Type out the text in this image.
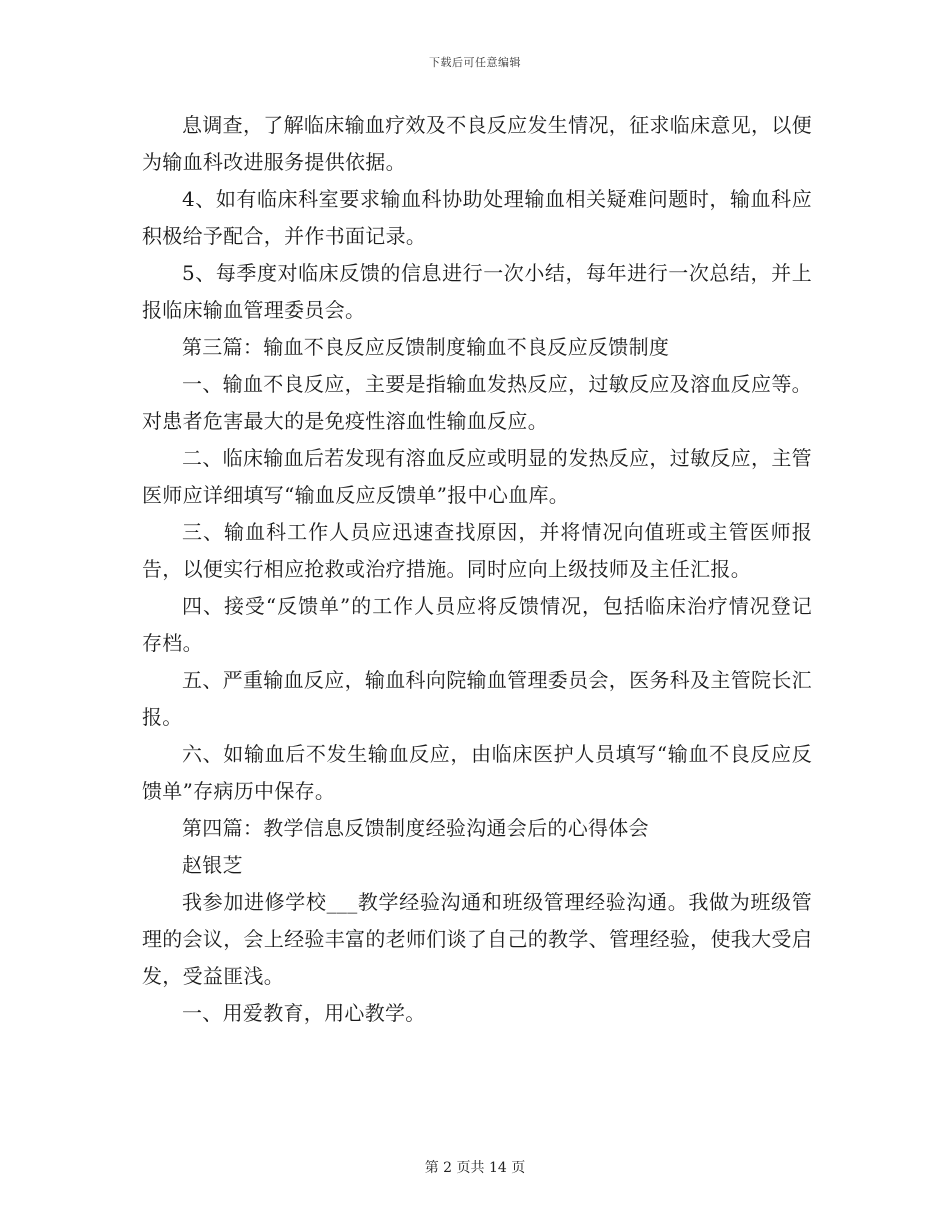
下载后可任意编辑

息调查，了解临床输血疗效及不良反应发生情况，征求临床意见，以便为输血科改进服务提供依据。

4、如有临床科室要求输血科协助处理输血相关疑难问题时，输血科应积极给予配合，并作书面记录。

5、每季度对临床反馈的信息进行一次小结，每年进行一次总结，并上报临床输血管理委员会。

第三篇：输血不良反应反馈制度输血不良反应反馈制度

一、输血不良反应，主要是指输血发热反应，过敏反应及溶血反应等。对患者危害最大的是免疫性溶血性输血反应。

二、临床输血后若发现有溶血反应或明显的发热反应，过敏反应，主管医师应详细填写“输血反应反馈单”报中心血库。

三、输血科工作人员应迅速查找原因，并将情况向值班或主管医师报告，以便实行相应抢救或治疗措施。同时应向上级技师及主任汇报。

四、接受“反馈单”的工作人员应将反馈情况，包括临床治疗情况登记存档。

五、严重输血反应，输血科向院输血管理委员会，医务科及主管院长汇报。

六、如输血后不发生输血反应，由临床医护人员填写“输血不良反应反馈单”存病历中保存。

第四篇：教学信息反馈制度经验沟通会后的心得体会

赵银芝

我参加进修学校___教学经验沟通和班级管理经验沟通。我做为班级管理的会议，会上经验丰富的老师们谈了自己的教学、管理经验，使我大受启发，受益匪浅。

一、用爱教育，用心教学。

第 2 页共 14 页
